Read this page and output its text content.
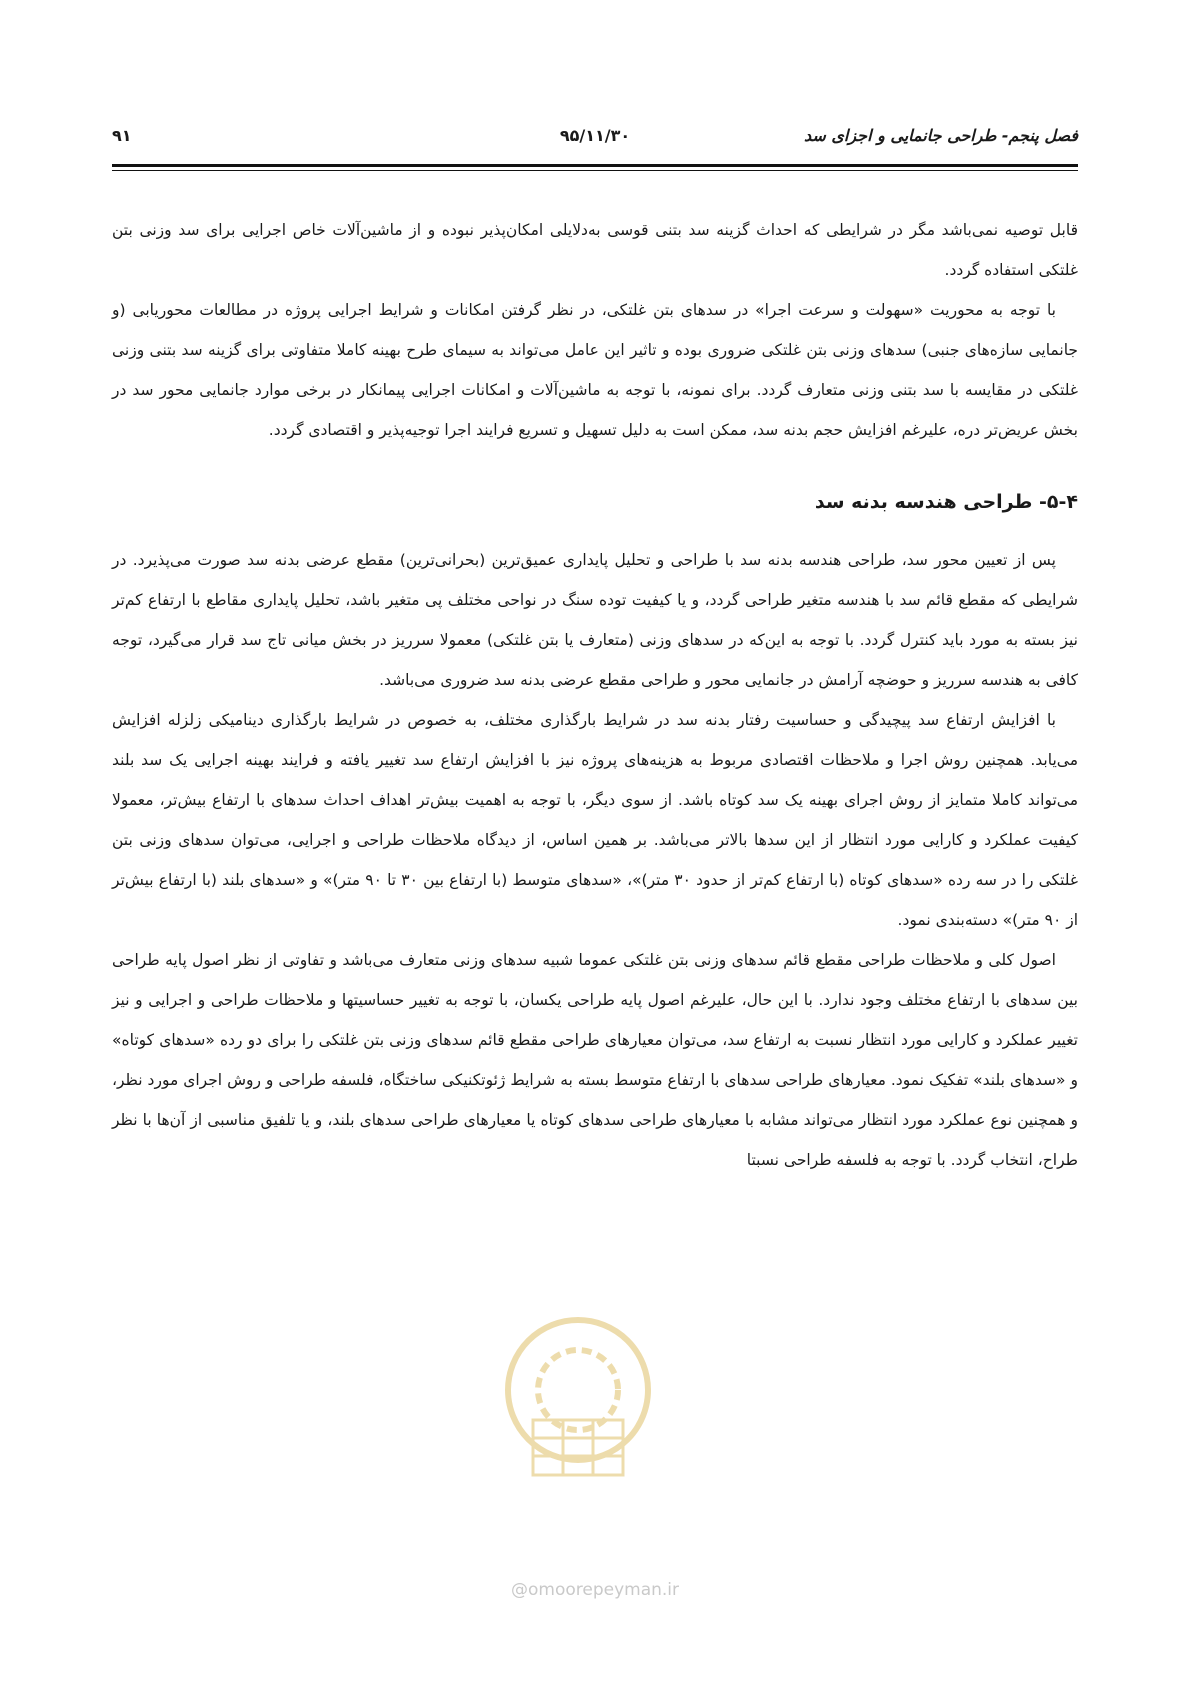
فصل پنجم- طراحی جانمایی و اجزای سد
۹۵/۱۱/۳۰
۹۱

قابل توصیه نمی‌باشد مگر در شرایطی که احداث گزینه سد بتنی قوسی به‌دلایلی امکان‌پذیر نبوده و از ماشین‌آلات خاص اجرایی برای سد وزنی بتن غلتکی استفاده گردد.

با توجه به محوریت «سهولت و سرعت اجرا» در سدهای بتن غلتکی، در نظر گرفتن امکانات و شرایط اجرایی پروژه در مطالعات محوریابی (و جانمایی سازه‌های جنبی) سدهای وزنی بتن غلتکی ضروری بوده و تاثیر این عامل می‌تواند به سیمای طرح بهینه کاملا متفاوتی برای گزینه سد بتنی وزنی غلتکی در مقایسه با سد بتنی وزنی متعارف گردد. برای نمونه، با توجه به ماشین‌آلات و امکانات اجرایی پیمانکار در برخی موارد جانمایی محور سد در بخش عریض‌تر دره، علیرغم افزایش حجم بدنه سد، ممکن است به دلیل تسهیل و تسریع فرایند اجرا توجیه‌پذیر و اقتصادی گردد.

۵-۴- طراحی هندسه بدنه سد

پس از تعیین محور سد، طراحی هندسه بدنه سد با طراحی و تحلیل پایداری عمیق‌ترین (بحرانی‌ترین) مقطع عرضی بدنه سد صورت می‌پذیرد. در شرایطی که مقطع قائم سد با هندسه متغیر طراحی گردد، و یا کیفیت توده سنگ در نواحی مختلف پی متغیر باشد، تحلیل پایداری مقاطع با ارتفاع کم‌تر نیز بسته به مورد باید کنترل گردد. با توجه به این‌که در سدهای وزنی (متعارف یا بتن غلتکی) معمولا سرریز در بخش میانی تاج سد قرار می‌گیرد، توجه کافی به هندسه سرریز و حوضچه آرامش در جانمایی محور و طراحی مقطع عرضی بدنه سد ضروری می‌باشد.

با افزایش ارتفاع سد پیچیدگی و حساسیت رفتار بدنه سد در شرایط بارگذاری مختلف، به خصوص در شرایط بارگذاری دینامیکی زلزله افزایش می‌یابد. همچنین روش اجرا و ملاحظات اقتصادی مربوط به هزینه‌های پروژه نیز با افزایش ارتفاع سد تغییر یافته و فرایند بهینه اجرایی یک سد بلند می‌تواند کاملا متمایز از روش اجرای بهینه یک سد کوتاه باشد. از سوی دیگر، با توجه به اهمیت بیش‌تر اهداف احداث سدهای با ارتفاع بیش‌تر، معمولا کیفیت عملکرد و کارایی مورد انتظار از این سدها بالاتر می‌باشد. بر همین اساس، از دیدگاه ملاحظات طراحی و اجرایی، می‌توان سدهای وزنی بتن غلتکی را در سه رده «سدهای کوتاه (با ارتفاع کم‌تر از حدود ۳۰ متر)»، «سدهای متوسط (با ارتفاع بین ۳۰ تا ۹۰ متر)» و «سدهای بلند (با ارتفاع بیش‌تر از ۹۰ متر)» دسته‌بندی نمود.

اصول کلی و ملاحظات طراحی مقطع قائم سدهای وزنی بتن غلتکی عموما شبیه سدهای وزنی متعارف می‌باشد و تفاوتی از نظر اصول پایه طراحی بین سدهای با ارتفاع مختلف وجود ندارد. با این حال، علیرغم اصول پایه طراحی یکسان، با توجه به تغییر حساسیتها و ملاحظات طراحی و اجرایی و نیز تغییر عملکرد و کارایی مورد انتظار نسبت به ارتفاع سد، می‌توان معیارهای طراحی مقطع قائم سدهای وزنی بتن غلتکی را برای دو رده «سدهای کوتاه» و «سدهای بلند» تفکیک نمود. معیارهای طراحی سدهای با ارتفاع متوسط بسته به شرایط ژئوتکنیکی ساختگاه، فلسفه طراحی و روش اجرای مورد نظر، و همچنین نوع عملکرد مورد انتظار می‌تواند مشابه با معیارهای طراحی سدهای کوتاه یا معیارهای طراحی سدهای بلند، و یا تلفیق مناسبی از آن‌ها با نظر طراح، انتخاب گردد. با توجه به فلسفه طراحی نسبتا

@omoorepeyman.ir
